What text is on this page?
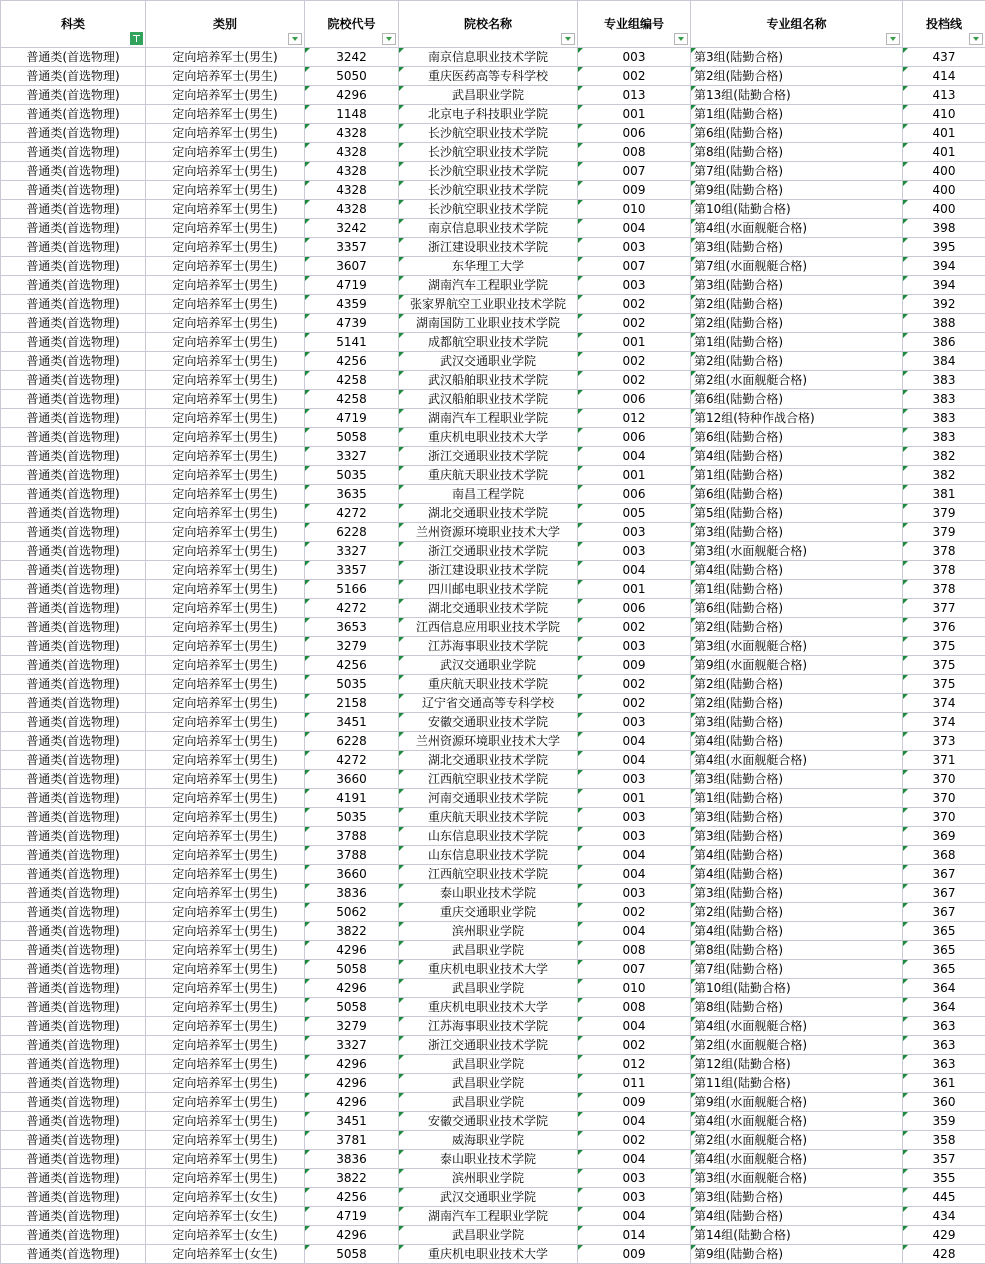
科类	类别	院校代号	院校名称	专业组编号	专业组名称	投档线

普通类(首选物理)	定向培养军士(男生)	3242	南京信息职业技术学院	003	第3组(陆勤合格)	437
普通类(首选物理)	定向培养军士(男生)	5050	重庆医药高等专科学校	002	第2组(陆勤合格)	414
普通类(首选物理)	定向培养军士(男生)	4296	武昌职业学院	013	第13组(陆勤合格)	413
普通类(首选物理)	定向培养军士(男生)	1148	北京电子科技职业学院	001	第1组(陆勤合格)	410
普通类(首选物理)	定向培养军士(男生)	4328	长沙航空职业技术学院	006	第6组(陆勤合格)	401
普通类(首选物理)	定向培养军士(男生)	4328	长沙航空职业技术学院	008	第8组(陆勤合格)	401
普通类(首选物理)	定向培养军士(男生)	4328	长沙航空职业技术学院	007	第7组(陆勤合格)	400
普通类(首选物理)	定向培养军士(男生)	4328	长沙航空职业技术学院	009	第9组(陆勤合格)	400
普通类(首选物理)	定向培养军士(男生)	4328	长沙航空职业技术学院	010	第10组(陆勤合格)	400
普通类(首选物理)	定向培养军士(男生)	3242	南京信息职业技术学院	004	第4组(水面舰艇合格)	398
普通类(首选物理)	定向培养军士(男生)	3357	浙江建设职业技术学院	003	第3组(陆勤合格)	395
普通类(首选物理)	定向培养军士(男生)	3607	东华理工大学	007	第7组(水面舰艇合格)	394
普通类(首选物理)	定向培养军士(男生)	4719	湖南汽车工程职业学院	003	第3组(陆勤合格)	394
普通类(首选物理)	定向培养军士(男生)	4359	张家界航空工业职业技术学院	002	第2组(陆勤合格)	392
普通类(首选物理)	定向培养军士(男生)	4739	湖南国防工业职业技术学院	002	第2组(陆勤合格)	388
普通类(首选物理)	定向培养军士(男生)	5141	成都航空职业技术学院	001	第1组(陆勤合格)	386
普通类(首选物理)	定向培养军士(男生)	4256	武汉交通职业学院	002	第2组(陆勤合格)	384
普通类(首选物理)	定向培养军士(男生)	4258	武汉船舶职业技术学院	002	第2组(水面舰艇合格)	383
普通类(首选物理)	定向培养军士(男生)	4258	武汉船舶职业技术学院	006	第6组(陆勤合格)	383
普通类(首选物理)	定向培养军士(男生)	4719	湖南汽车工程职业学院	012	第12组(特种作战合格)	383
普通类(首选物理)	定向培养军士(男生)	5058	重庆机电职业技术大学	006	第6组(陆勤合格)	383
普通类(首选物理)	定向培养军士(男生)	3327	浙江交通职业技术学院	004	第4组(陆勤合格)	382
普通类(首选物理)	定向培养军士(男生)	5035	重庆航天职业技术学院	001	第1组(陆勤合格)	382
普通类(首选物理)	定向培养军士(男生)	3635	南昌工程学院	006	第6组(陆勤合格)	381
普通类(首选物理)	定向培养军士(男生)	4272	湖北交通职业技术学院	005	第5组(陆勤合格)	379
普通类(首选物理)	定向培养军士(男生)	6228	兰州资源环境职业技术大学	003	第3组(陆勤合格)	379
普通类(首选物理)	定向培养军士(男生)	3327	浙江交通职业技术学院	003	第3组(水面舰艇合格)	378
普通类(首选物理)	定向培养军士(男生)	3357	浙江建设职业技术学院	004	第4组(陆勤合格)	378
普通类(首选物理)	定向培养军士(男生)	5166	四川邮电职业技术学院	001	第1组(陆勤合格)	378
普通类(首选物理)	定向培养军士(男生)	4272	湖北交通职业技术学院	006	第6组(陆勤合格)	377
普通类(首选物理)	定向培养军士(男生)	3653	江西信息应用职业技术学院	002	第2组(陆勤合格)	376
普通类(首选物理)	定向培养军士(男生)	3279	江苏海事职业技术学院	003	第3组(水面舰艇合格)	375
普通类(首选物理)	定向培养军士(男生)	4256	武汉交通职业学院	009	第9组(水面舰艇合格)	375
普通类(首选物理)	定向培养军士(男生)	5035	重庆航天职业技术学院	002	第2组(陆勤合格)	375
普通类(首选物理)	定向培养军士(男生)	2158	辽宁省交通高等专科学校	002	第2组(陆勤合格)	374
普通类(首选物理)	定向培养军士(男生)	3451	安徽交通职业技术学院	003	第3组(陆勤合格)	374
普通类(首选物理)	定向培养军士(男生)	6228	兰州资源环境职业技术大学	004	第4组(陆勤合格)	373
普通类(首选物理)	定向培养军士(男生)	4272	湖北交通职业技术学院	004	第4组(水面舰艇合格)	371
普通类(首选物理)	定向培养军士(男生)	3660	江西航空职业技术学院	003	第3组(陆勤合格)	370
普通类(首选物理)	定向培养军士(男生)	4191	河南交通职业技术学院	001	第1组(陆勤合格)	370
普通类(首选物理)	定向培养军士(男生)	5035	重庆航天职业技术学院	003	第3组(陆勤合格)	370
普通类(首选物理)	定向培养军士(男生)	3788	山东信息职业技术学院	003	第3组(陆勤合格)	369
普通类(首选物理)	定向培养军士(男生)	3788	山东信息职业技术学院	004	第4组(陆勤合格)	368
普通类(首选物理)	定向培养军士(男生)	3660	江西航空职业技术学院	004	第4组(陆勤合格)	367
普通类(首选物理)	定向培养军士(男生)	3836	泰山职业技术学院	003	第3组(陆勤合格)	367
普通类(首选物理)	定向培养军士(男生)	5062	重庆交通职业学院	002	第2组(陆勤合格)	367
普通类(首选物理)	定向培养军士(男生)	3822	滨州职业学院	004	第4组(陆勤合格)	365
普通类(首选物理)	定向培养军士(男生)	4296	武昌职业学院	008	第8组(陆勤合格)	365
普通类(首选物理)	定向培养军士(男生)	5058	重庆机电职业技术大学	007	第7组(陆勤合格)	365
普通类(首选物理)	定向培养军士(男生)	4296	武昌职业学院	010	第10组(陆勤合格)	364
普通类(首选物理)	定向培养军士(男生)	5058	重庆机电职业技术大学	008	第8组(陆勤合格)	364
普通类(首选物理)	定向培养军士(男生)	3279	江苏海事职业技术学院	004	第4组(水面舰艇合格)	363
普通类(首选物理)	定向培养军士(男生)	3327	浙江交通职业技术学院	002	第2组(水面舰艇合格)	363
普通类(首选物理)	定向培养军士(男生)	4296	武昌职业学院	012	第12组(陆勤合格)	363
普通类(首选物理)	定向培养军士(男生)	4296	武昌职业学院	011	第11组(陆勤合格)	361
普通类(首选物理)	定向培养军士(男生)	4296	武昌职业学院	009	第9组(水面舰艇合格)	360
普通类(首选物理)	定向培养军士(男生)	3451	安徽交通职业技术学院	004	第4组(水面舰艇合格)	359
普通类(首选物理)	定向培养军士(男生)	3781	威海职业学院	002	第2组(水面舰艇合格)	358
普通类(首选物理)	定向培养军士(男生)	3836	泰山职业技术学院	004	第4组(水面舰艇合格)	357
普通类(首选物理)	定向培养军士(男生)	3822	滨州职业学院	003	第3组(水面舰艇合格)	355
普通类(首选物理)	定向培养军士(女生)	4256	武汉交通职业学院	003	第3组(陆勤合格)	445
普通类(首选物理)	定向培养军士(女生)	4719	湖南汽车工程职业学院	004	第4组(陆勤合格)	434
普通类(首选物理)	定向培养军士(女生)	4296	武昌职业学院	014	第14组(陆勤合格)	429
普通类(首选物理)	定向培养军士(女生)	5058	重庆机电职业技术大学	009	第9组(陆勤合格)	428
